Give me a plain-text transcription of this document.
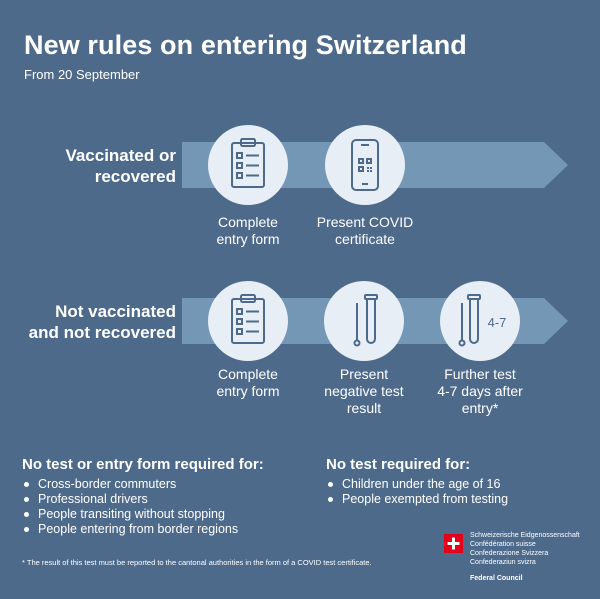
New rules on entering Switzerland
From 20 September
Vaccinated or
recovered
Complete
entry form
Present COVID
certificate
Not vaccinated
and not recovered
Complete
entry form
Present
negative test
result
4-7
Further test
4-7 days after
entry*
No test or entry form required for:
Cross-border commuters
Professional drivers
People transiting without stopping
People entering from border regions
No test required for:
Children under the age of 16
People exempted from testing
* The result of this test must be reported to the cantonal authorities in the form of a COVID test certificate.
Schweizerische Eidgenossenschaft
Confédération suisse
Confederazione Svizzera
Confederaziun svizra
Federal Council
